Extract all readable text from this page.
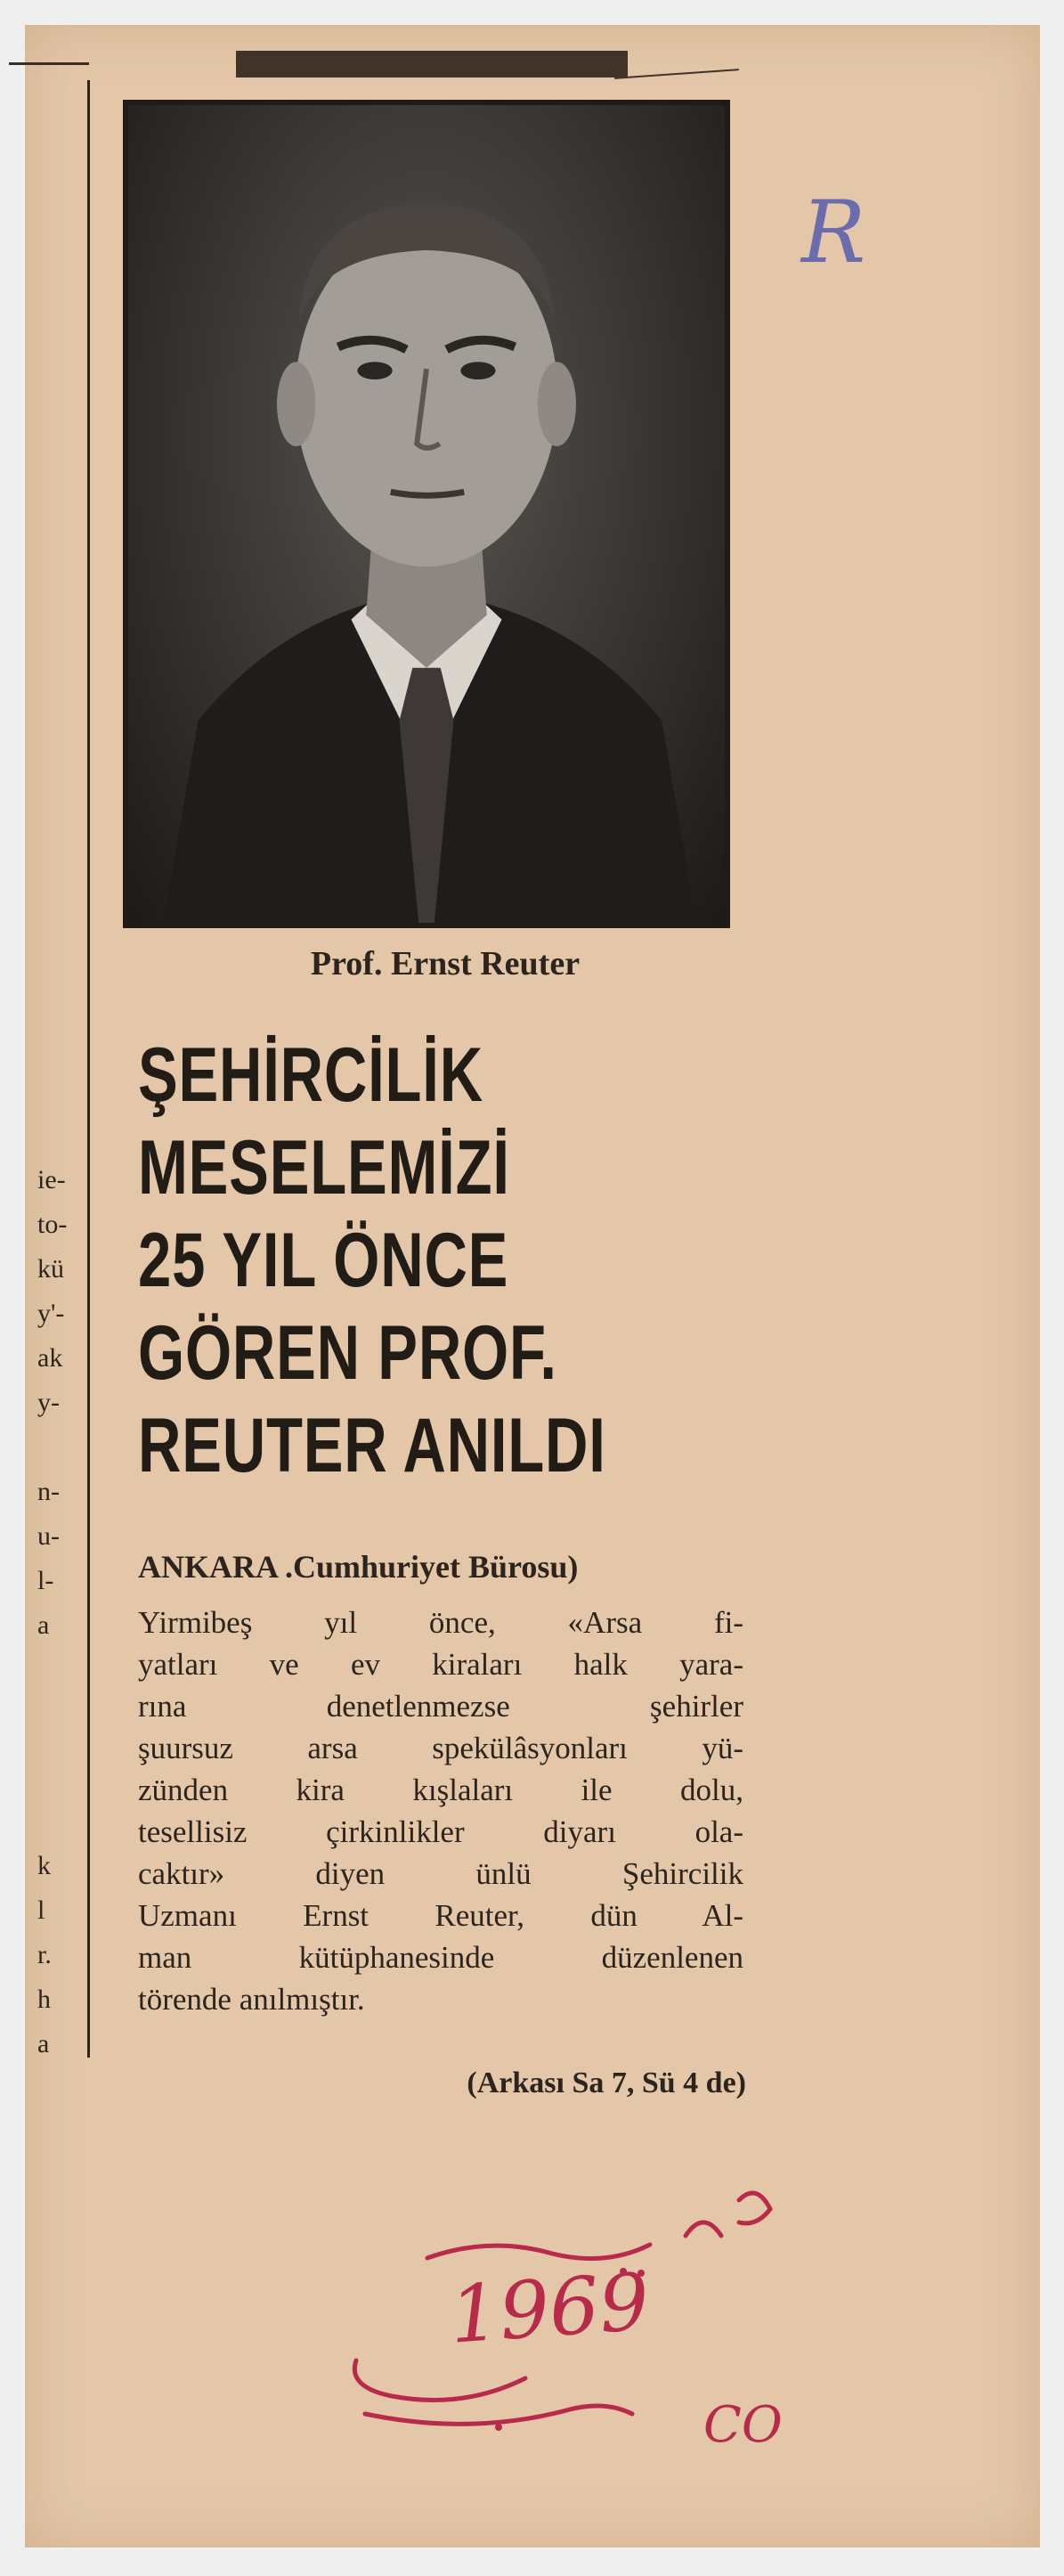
ie-
to-
kü
y'-
ak
y-

n-
u-
l-
a
k
l
r.
h
a
Prof. Ernst Reuter
ŞEHİRCİLİK
MESELEMİZİ
25 YIL ÖNCE
GÖREN PROF.
REUTER ANILDI
ANKARA .Cumhuriyet Bürosu)
Yirmibeş yıl önce, «Arsa fi-
yatları ve ev kiraları halk yara-
rına denetlenmezse şehirler
şuursuz arsa spekülâsyonları yü-
zünden kira kışlaları ile dolu,
tesellisiz çirkinlikler diyarı ola-
caktır» diyen ünlü Şehircilik
Uzmanı Ernst Reuter, dün Al-
man kütüphanesinde düzenlenen
törende anılmıştır.
(Arkası Sa 7, Sü 4 de)
R
1969
CO
